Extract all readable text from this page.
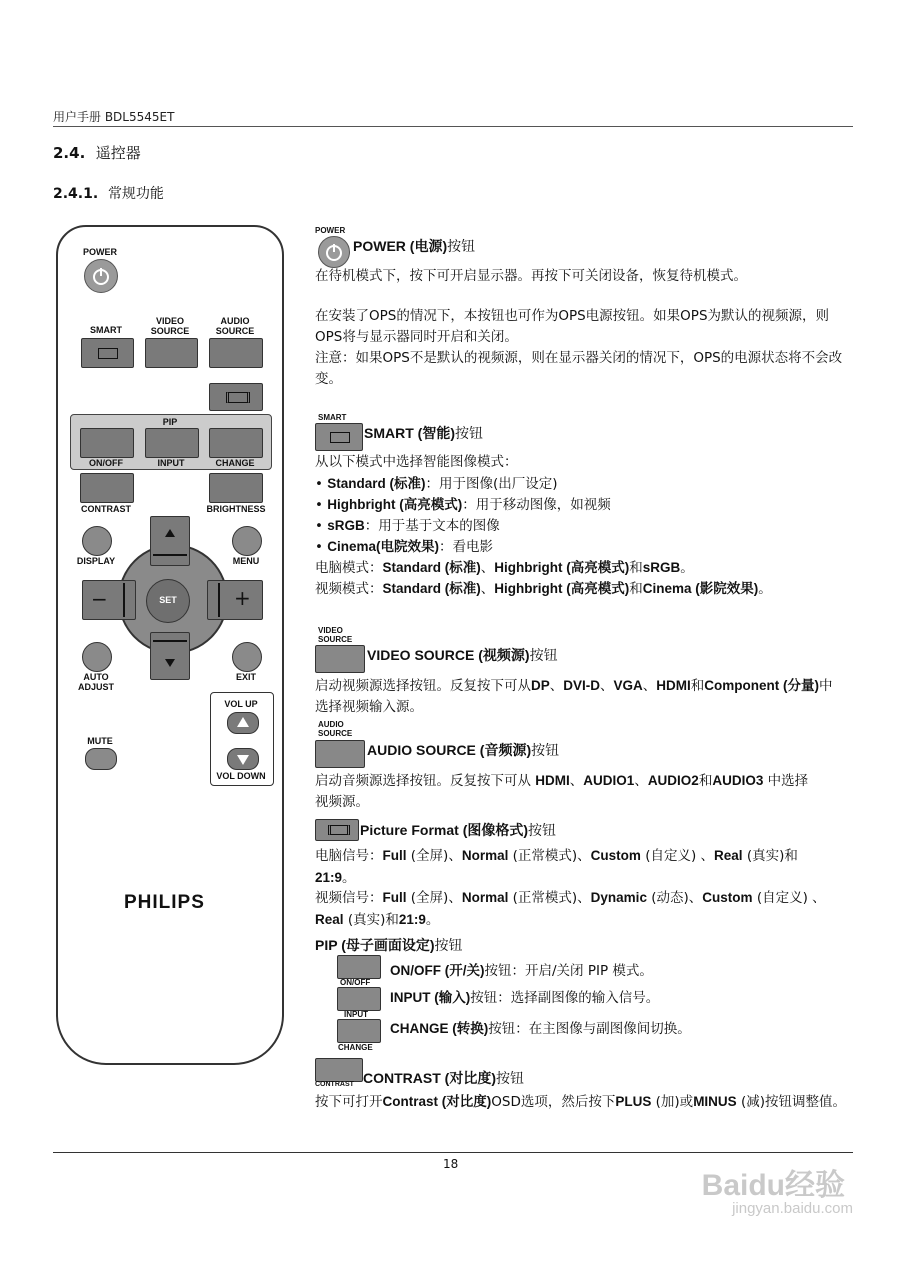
用户手册 BDL5545ET
2.4. 遥控器
2.4.1. 常规功能
POWER
SMART
VIDEO
SOURCE
AUDIO
SOURCE
PIP
ON/OFF	INPUT	CHANGE
CONTRAST	BRIGHTNESS
−	+
SET
DISPLAY	MENU
AUTO
ADJUST
EXIT
VOL UP
VOL DOWN
MUTE
PHILIPS
POWER
POWER (电源)按钮
在待机模式下，按下可开启显示器。再按下可关闭设备，恢复待机模式。
在安装了OPS的情况下，本按钮也可作为OPS电源按钮。如果OPS为默认的视频源，则OPS将与显示器同时开启和关闭。
注意：如果OPS不是默认的视频源，则在显示器关闭的情况下，OPS的电源状态将不会改变。
SMART
SMART (智能)按钮
从以下模式中选择智能图像模式：
• Standard (标准)：用于图像(出厂设定)
• Highbright (高亮模式)：用于移动图像，如视频
• sRGB：用于基于文本的图像
• Cinema(电院效果)：看电影
电脑模式：Standard (标准)、Highbright (高亮模式)和sRGB。
视频模式：Standard (标准)、Highbright (高亮模式)和Cinema (影院效果)。
VIDEO
SOURCE
VIDEO SOURCE (视频源)按钮
启动视频源选择按钮。反复按下可从DP、DVI-D、VGA、HDMI和Component (分量)中选择视频输入源。
AUDIO
SOURCE
AUDIO SOURCE (音频源)按钮
启动音频源选择按钮。反复按下可从 HDMI、AUDIO1、AUDIO2和AUDIO3 中选择视频源。
Picture Format (图像格式)按钮
电脑信号：Full (全屏)、Normal (正常模式)、Custom (自定义) 、Real (真实)和21:9。
视频信号：Full (全屏)、Normal (正常模式)、Dynamic (动态)、Custom (自定义) 、Real (真实)和21:9。
PIP (母子画面设定)按钮
ON/OFF
ON/OFF (开/关)按钮：开启/关闭 PIP 模式。
INPUT
INPUT (输入)按钮：选择副图像的输入信号。
CHANGE
CHANGE (转换)按钮：在主图像与副图像间切换。
CONTRAST CONTRAST (对比度)按钮
按下可打开Contrast (对比度)OSD选项，然后按下PLUS (加)或MINUS (减)按钮调整值。
18
Baidu经验
jingyan.baidu.com
